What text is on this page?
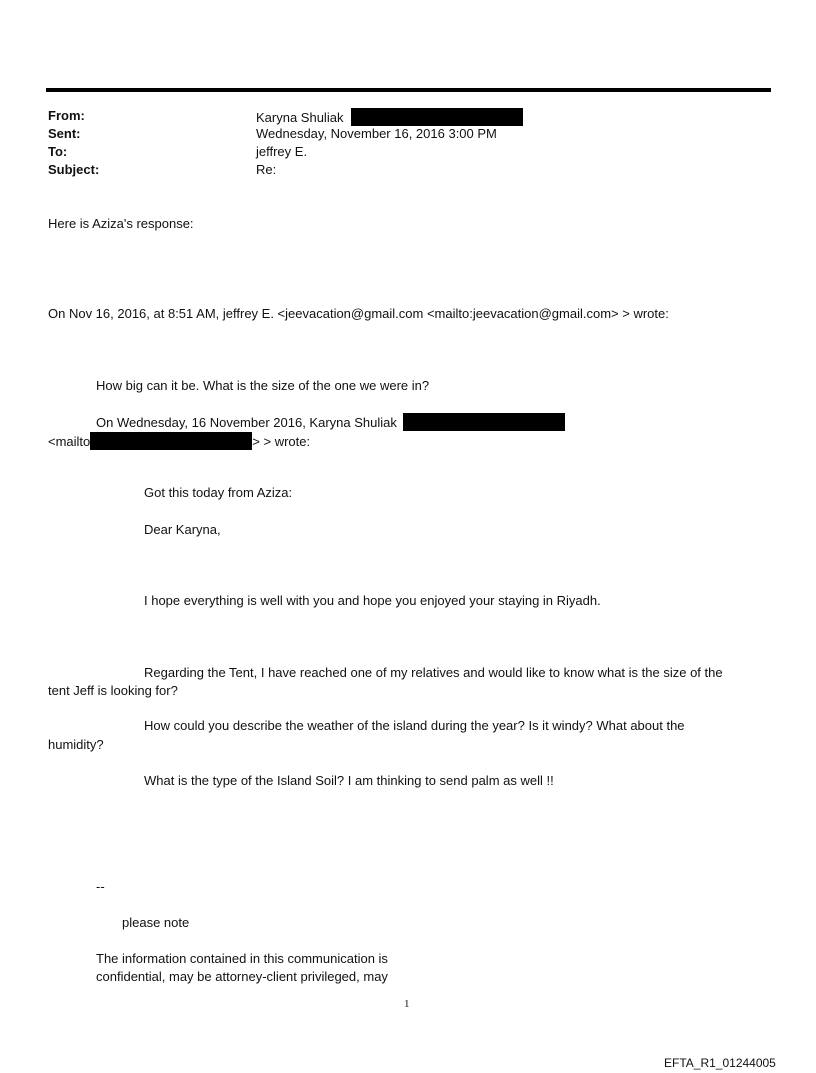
From:	Karyna Shuliak
Sent:	Wednesday, November 16, 2016 3:00 PM
To:	jeffrey E.
Subject:	Re:
Here is Aziza's response:
On Nov 16, 2016, at 8:51 AM, jeffrey E. <jeevacation@gmail.com <mailto:jeevacation@gmail.com> > wrote:
How big can it be. What is the size of the one we were in?
On Wednesday, 16 November 2016, Karyna Shuliak
<mailto	> > wrote:
Got this today from Aziza:
Dear Karyna,
I hope everything is well with you and hope you enjoyed your staying in Riyadh.
Regarding the Tent, I have reached one of my relatives and would like to know what is the size of the
tent Jeff is looking for?
How could you describe the weather of the island during the year? Is it windy? What about the
humidity?
What is the type of the Island Soil? I am thinking to send palm as well !!
--
please note
The information contained in this communication is
confidential, may be attorney-client privileged, may
1
EFTA_R1_01244005
